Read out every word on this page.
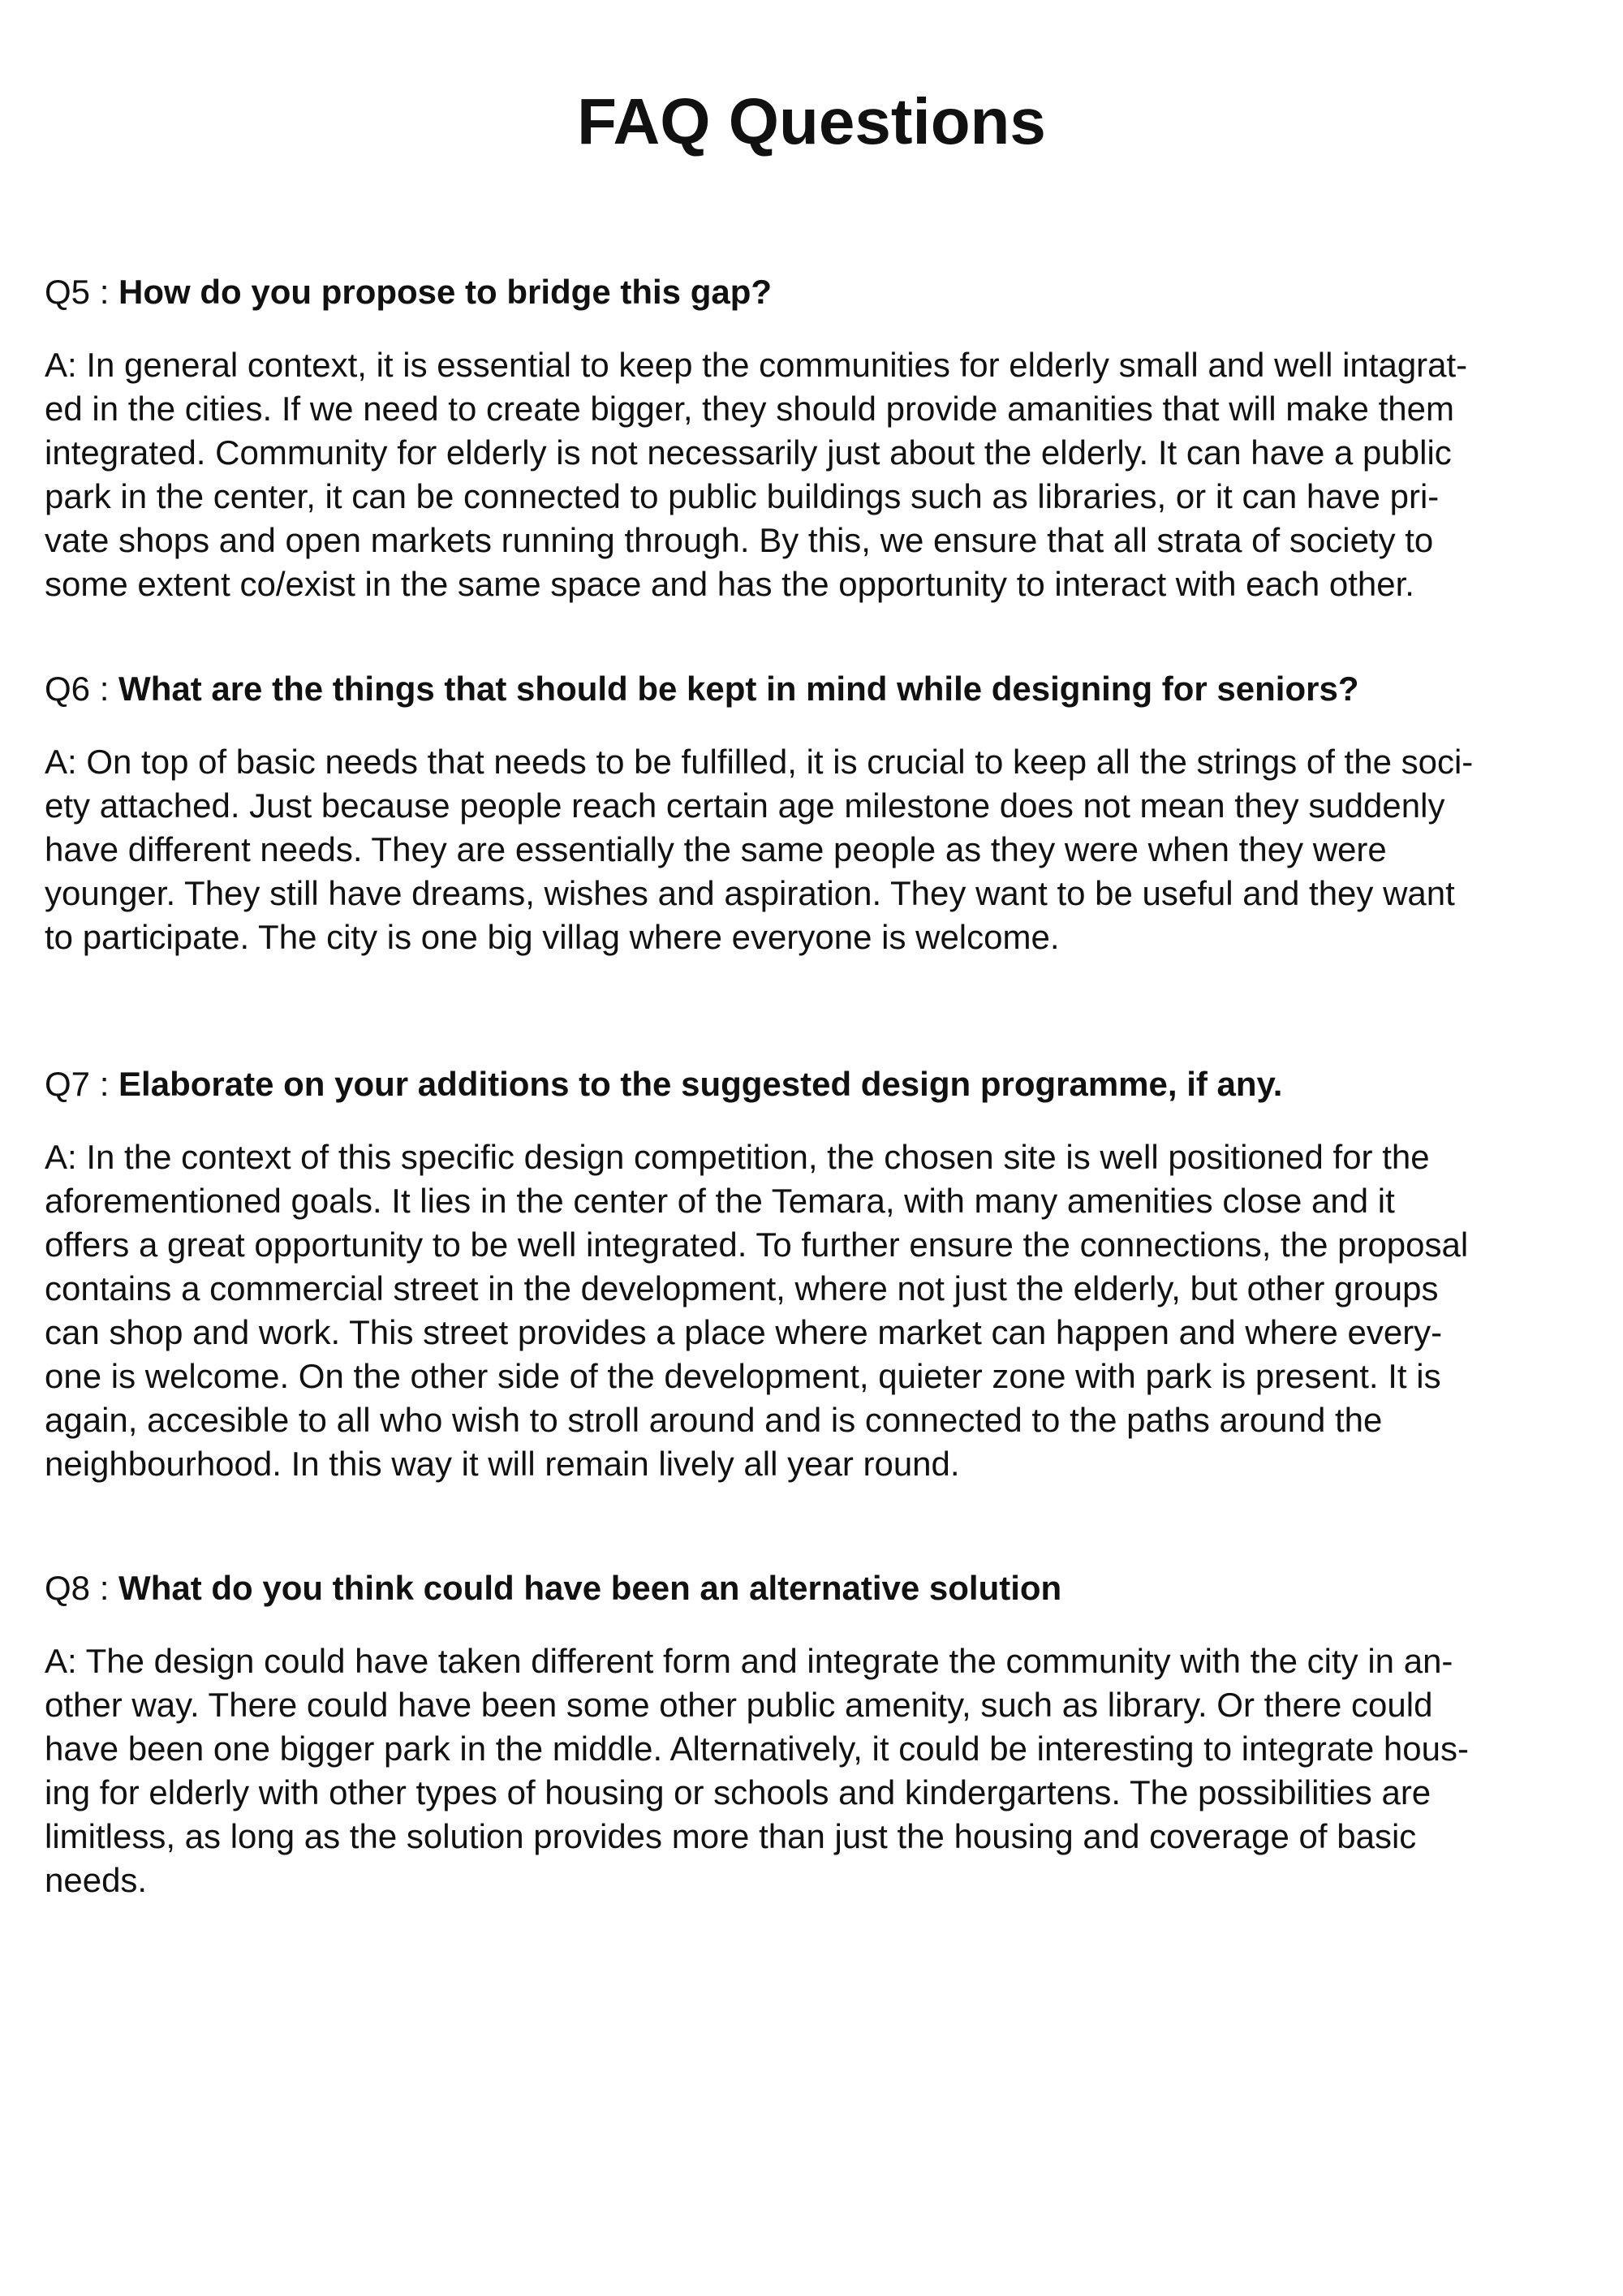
FAQ Questions

Q5 : How do you propose to bridge this gap?

A: In general context, it is essential to keep the communities for elderly small and well intagrat-
ed in the cities. If we need to create bigger, they should provide amanities that will make them
integrated. Community for elderly is not necessarily just about the elderly. It can have a public
park in the center, it can be connected to public buildings such as libraries, or it can have pri-
vate shops and open markets running through. By this, we ensure that all strata of society to
some extent co/exist in the same space and has the opportunity to interact with each other.

Q6 : What are the things that should be kept in mind while designing for seniors?

A: On top of basic needs that needs to be fulfilled, it is crucial to keep all the strings of the soci-
ety attached. Just because people reach certain age milestone does not mean they suddenly
have different needs. They are essentially the same people as they were when they were
younger. They still have dreams, wishes and aspiration. They want to be useful and they want
to participate. The city is one big villag where everyone is welcome.

Q7 : Elaborate on your additions to the suggested design programme, if any.

A: In the context of this specific design competition, the chosen site is well positioned for the
aforementioned goals. It lies in the center of the Temara, with many amenities close and it
offers a great opportunity to be well integrated. To further ensure the connections, the proposal
contains a commercial street in the development, where not just the elderly, but other groups
can shop and work. This street provides a place where market can happen and where every-
one is welcome. On the other side of the development, quieter zone with park is present. It is
again, accesible to all who wish to stroll around and is connected to the paths around the
neighbourhood. In this way it will remain lively all year round.

Q8 : What do you think could have been an alternative solution

A: The design could have taken different form and integrate the community with the city in an-
other way. There could have been some other public amenity, such as library. Or there could
have been one bigger park in the middle. Alternatively, it could be interesting to integrate hous-
ing for elderly with other types of housing or schools and kindergartens. The possibilities are
limitless, as long as the solution provides more than just the housing and coverage of basic
needs.
